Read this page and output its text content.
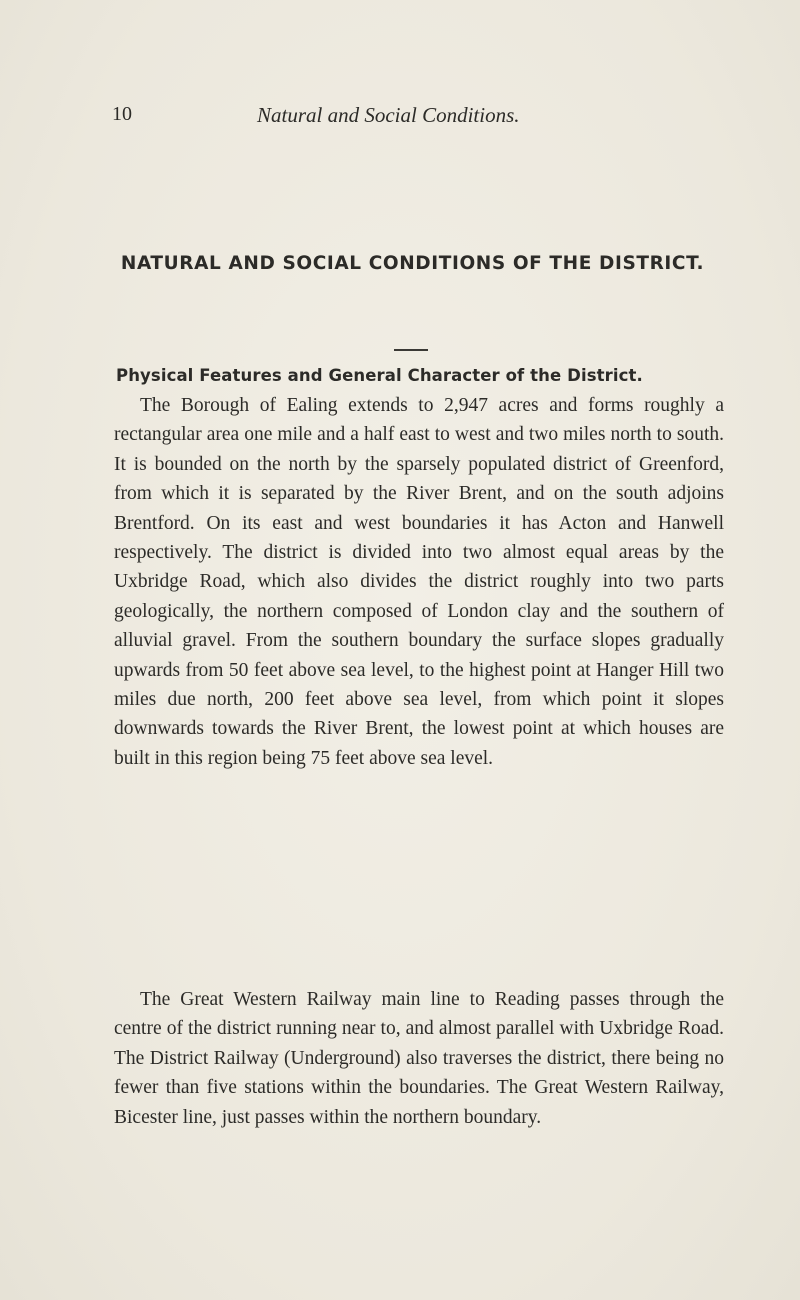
10	Natural and Social Conditions.
NATURAL AND SOCIAL CONDITIONS OF THE DISTRICT.
Physical Features and General Character of the District.

The Borough of Ealing extends to 2,947 acres and forms roughly a rectangular area one mile and a half east to west and two miles north to south. It is bounded on the north by the sparsely populated district of Greenford, from which it is separated by the River Brent, and on the south adjoins Brentford. On its east and west boundaries it has Acton and Hanwell respectively. The district is divided into two almost equal areas by the Uxbridge Road, which also divides the district roughly into two parts geologically, the northern composed of London clay and the southern of alluvial gravel. From the southern boundary the surface slopes gradually upwards from 50 feet above sea level, to the highest point at Hanger Hill two miles due north, 200 feet above sea level, from which point it slopes downwards towards the River Brent, the lowest point at which houses are built in this region being 75 feet above sea level.

The Great Western Railway main line to Reading passes through the centre of the district running near to, and almost parallel with Uxbridge Road. The District Railway (Underground) also traverses the district, there being no fewer than five stations within the boundaries. The Great Western Railway, Bicester line, just passes within the northern boundary.
